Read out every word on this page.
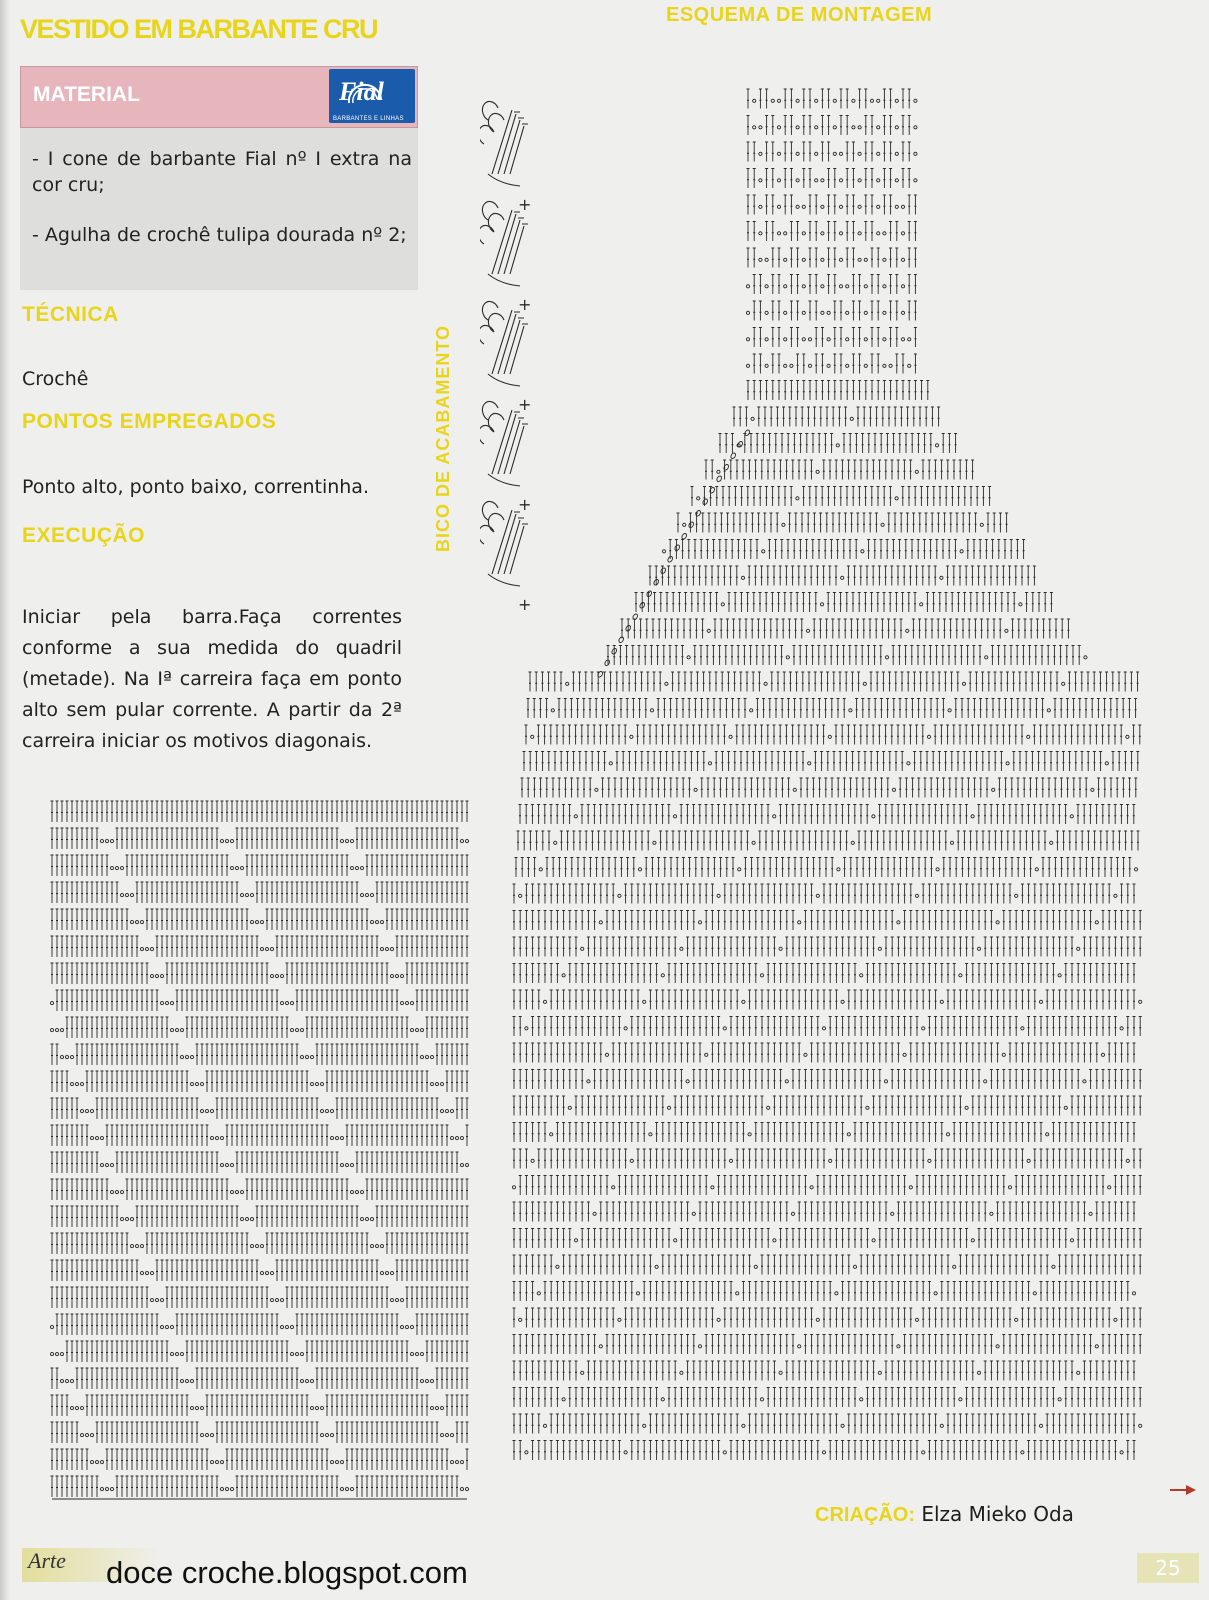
VESTIDO EM BARBANTE CRU
MATERIAL	Fial
BARBANTES E LINHAS
- I cone de barbante Fial nº I extra na cor cru;
- Agulha de crochê tulipa dourada nº 2;
TÉCNICA
Crochê
PONTOS EMPREGADOS
Ponto alto, ponto baixo, correntinha.
EXECUÇÃO
Iniciar pela barra.Faça correntes conforme a sua medida do quadril (metade). Na Iª carreira faça em ponto alto sem pular corrente. A partir da 2ª carreira iniciar os motivos diagonais.
BICO DE ACABAMENTO
ESQUEMA DE MONTAGEM
+
+
+
+
+
CRIAÇÃO: Elza Mieko Oda
Arte doce croche.blogspot.com	25
